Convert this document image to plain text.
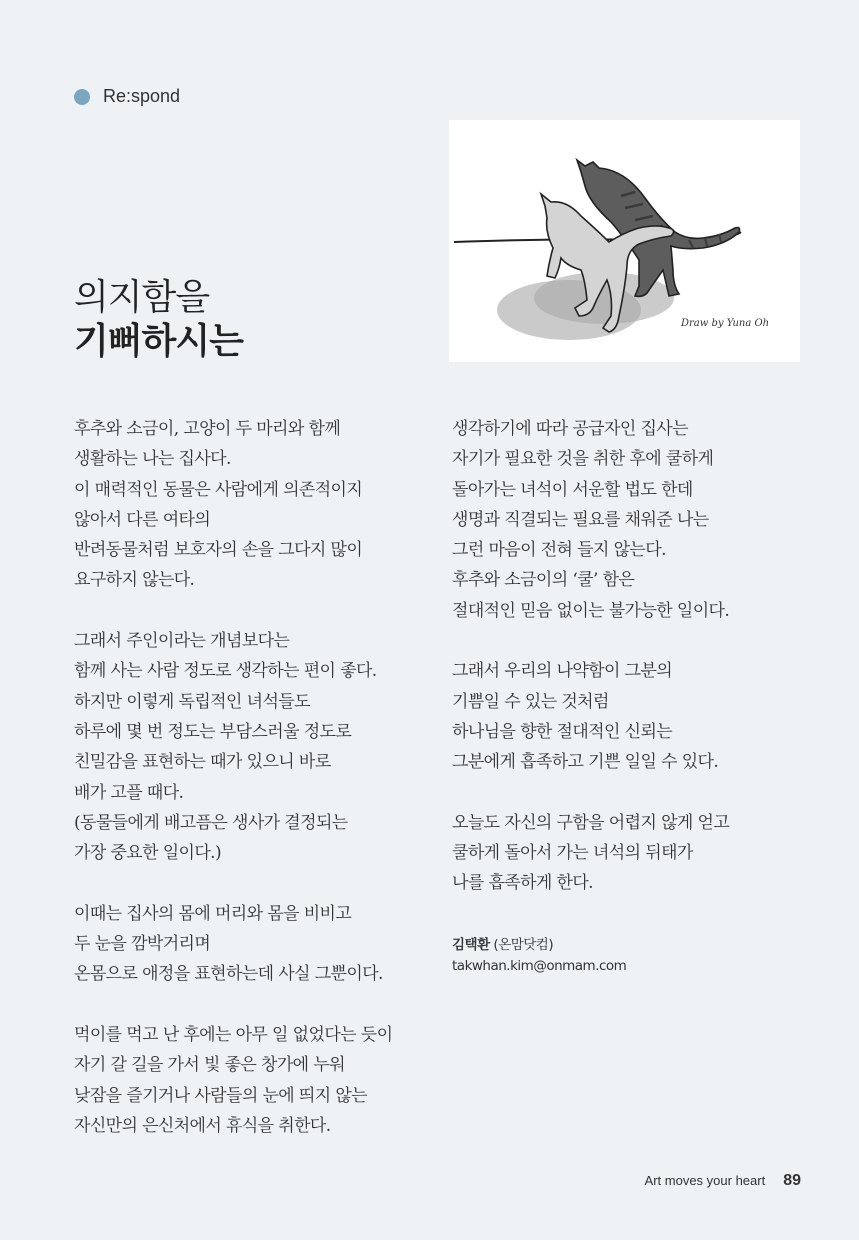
Re:spond
의지함을
기뻐하시는	Draw by Yuna Oh

후추와 소금이, 고양이 두 마리와 함께
생활하는 나는 집사다.
이 매력적인 동물은 사람에게 의존적이지
않아서 다른 여타의
반려동물처럼 보호자의 손을 그다지 많이
요구하지 않는다.

그래서 주인이라는 개념보다는
함께 사는 사람 정도로 생각하는 편이 좋다.
하지만 이렇게 독립적인 녀석들도
하루에 몇 번 정도는 부담스러울 정도로
친밀감을 표현하는 때가 있으니 바로
배가 고플 때다.
(동물들에게 배고픔은 생사가 결정되는
가장 중요한 일이다.)

이때는 집사의 몸에 머리와 몸을 비비고
두 눈을 깜박거리며
온몸으로 애정을 표현하는데 사실 그뿐이다.

먹이를 먹고 난 후에는 아무 일 없었다는 듯이
자기 갈 길을 가서 빛 좋은 창가에 누워
낮잠을 즐기거나 사람들의 눈에 띄지 않는
자신만의 은신처에서 휴식을 취한다.

생각하기에 따라 공급자인 집사는
자기가 필요한 것을 취한 후에 쿨하게
돌아가는 녀석이 서운할 법도 한데
생명과 직결되는 필요를 채워준 나는
그런 마음이 전혀 들지 않는다.
후추와 소금이의 ‘쿨’ 함은
절대적인 믿음 없이는 불가능한 일이다.

그래서 우리의 나약함이 그분의
기쁨일 수 있는 것처럼
하나님을 향한 절대적인 신뢰는
그분에게 흡족하고 기쁜 일일 수 있다.

오늘도 자신의 구함을 어렵지 않게 얻고
쿨하게 돌아서 가는 녀석의 뒤태가
나를 흡족하게 한다.

김택환 (온맘닷컴)
takwhan.kim@onmam.com
Art moves your heart 89
